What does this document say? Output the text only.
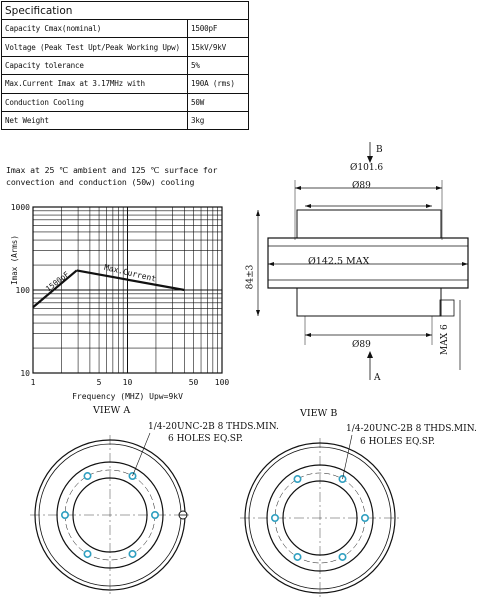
Specification	
Capacity Cmax(nominal)	1500pF
Voltage (Peak Test Upt/Peak Working Upw)	15kV/9kV
Capacity tolerance	5%
Max.Current Imax at 3.17MHz with	190A (rms)
Conduction Cooling	50W
Net Weight	3kg
Imax at 25 ℃ ambient and 125 ℃ surface for
convection and conduction (50w) cooling
1500pF	Max.Current
1000
100
10
1	5	10	50 100
Imax (Arms)
Frequency (MHZ) Upw=9kV
B
Ø101.6
Ø89
Ø142.5 MAX
84±3
Ø89	MAX 6
A
VIEW A
1/4-20UNC-2B 8 THDS.MIN.
6 HOLES EQ.SP.
VIEW B
1/4-20UNC-2B 8 THDS.MIN.
6 HOLES EQ.SP.
